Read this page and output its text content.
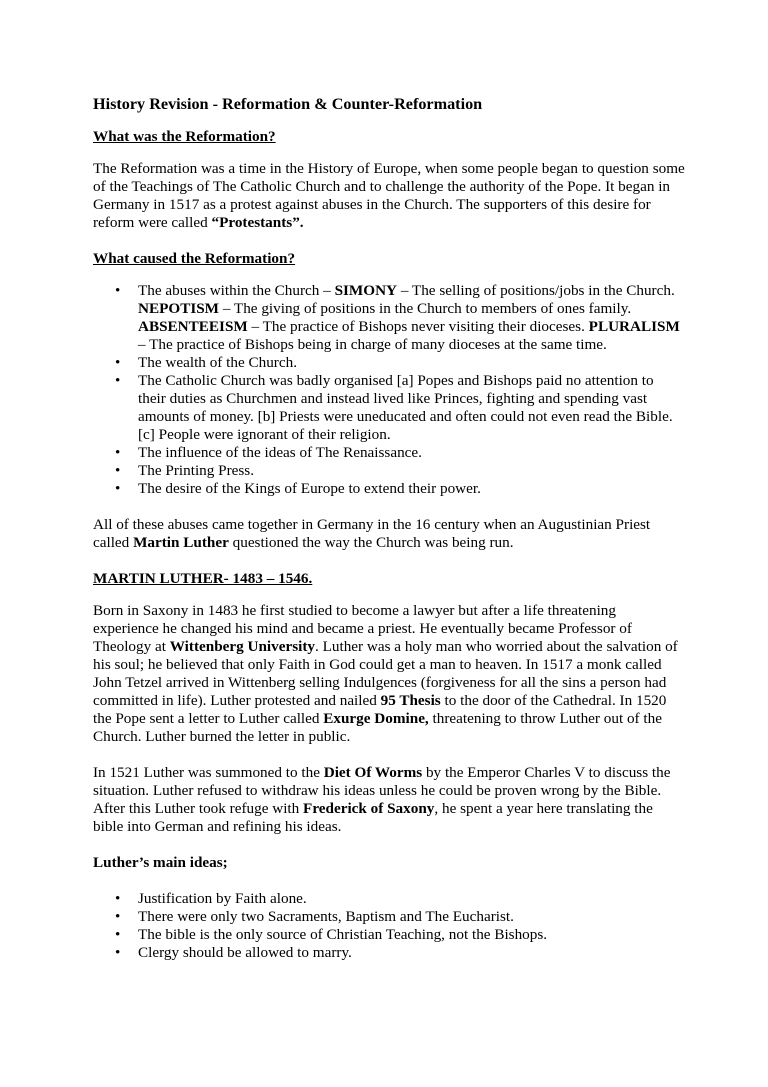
History Revision - Reformation & Counter-Reformation
What was the Reformation?

The Reformation was a time in the History of Europe, when some people began to question some of the Teachings of The Catholic Church and to challenge the authority of the Pope. It began in Germany in 1517 as a protest against abuses in the Church. The supporters of this desire for reform were called “Protestants”.

What caused the Reformation?
• The abuses within the Church – SIMONY – The selling of positions/jobs in the Church. NEPOTISM – The giving of positions in the Church to members of ones family. ABSENTEEISM – The practice of Bishops never visiting their dioceses. PLURALISM – The practice of Bishops being in charge of many dioceses at the same time.
• The wealth of the Church.
• The Catholic Church was badly organised [a] Popes and Bishops paid no attention to their duties as Churchmen and instead lived like Princes, fighting and spending vast amounts of money. [b] Priests were uneducated and often could not even read the Bible. [c] People were ignorant of their religion.
• The influence of the ideas of The Renaissance.
• The Printing Press.
• The desire of the Kings of Europe to extend their power.

All of these abuses came together in Germany in the 16 century when an Augustinian Priest called Martin Luther questioned the way the Church was being run.

MARTIN LUTHER- 1483 – 1546.

Born in Saxony in 1483 he first studied to become a lawyer but after a life threatening experience he changed his mind and became a priest. He eventually became Professor of Theology at Wittenberg University. Luther was a holy man who worried about the salvation of his soul; he believed that only Faith in God could get a man to heaven. In 1517 a monk called John Tetzel arrived in Wittenberg selling Indulgences (forgiveness for all the sins a person had committed in life). Luther protested and nailed 95 Thesis to the door of the Cathedral. In 1520 the Pope sent a letter to Luther called Exurge Domine, threatening to throw Luther out of the Church. Luther burned the letter in public.

In 1521 Luther was summoned to the Diet Of Worms by the Emperor Charles V to discuss the situation. Luther refused to withdraw his ideas unless he could be proven wrong by the Bible. After this Luther took refuge with Frederick of Saxony, he spent a year here translating the bible into German and refining his ideas.

Luther’s main ideas;
• Justification by Faith alone.
• There were only two Sacraments, Baptism and The Eucharist.
• The bible is the only source of Christian Teaching, not the Bishops.
• Clergy should be allowed to marry.
